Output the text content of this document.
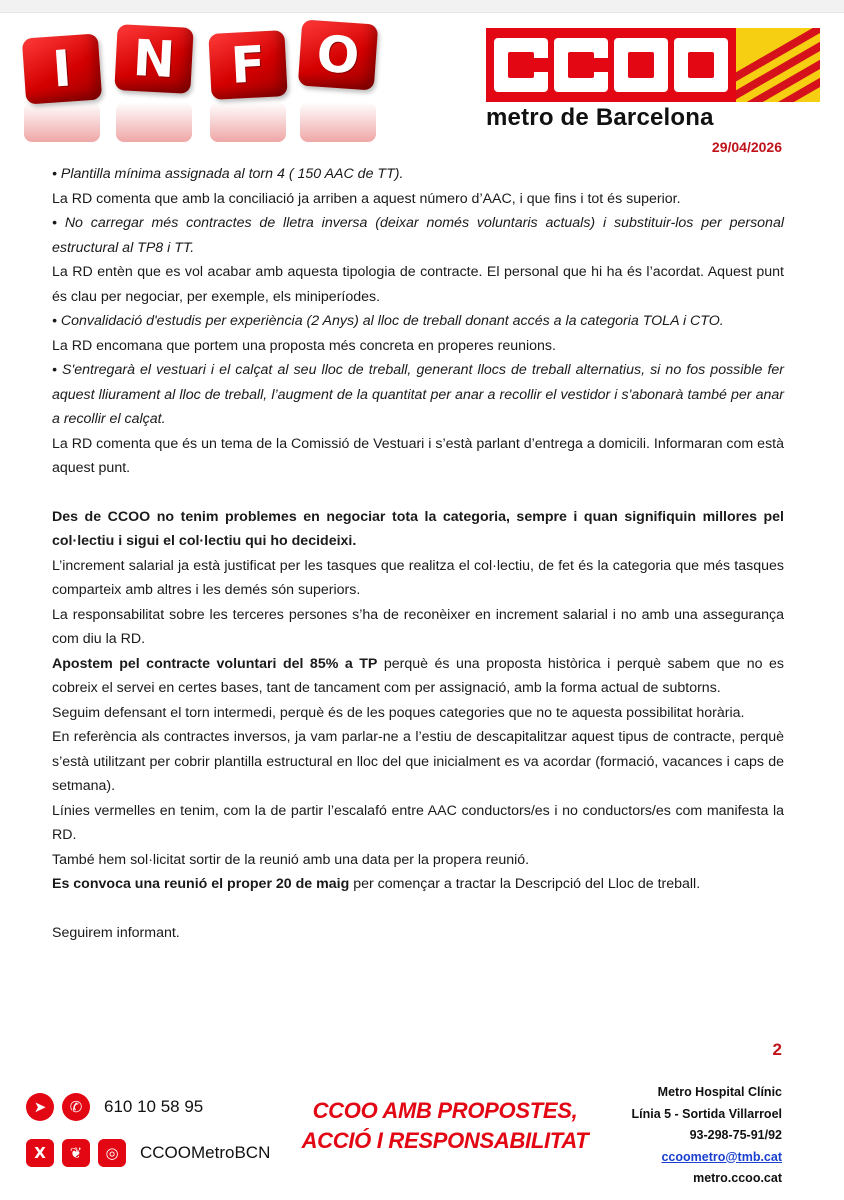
I N F O
metro de Barcelona
29/04/2026

• Plantilla mínima assignada al torn 4 ( 150 AAC de TT).

La RD comenta que amb la conciliació ja arriben a aquest número d’AAC, i que fins i tot és superior.

• No carregar més contractes de lletra inversa (deixar només voluntaris actuals) i substituir-los per personal estructural al TP8 i TT.

La RD entèn que es vol acabar amb aquesta tipologia de contracte. El personal que hi ha és l’acordat. Aquest punt és clau per negociar, per exemple, els miniperíodes.

• Convalidació d'estudis per experiència (2 Anys) al lloc de treball donant accés a la categoria TOLA i CTO.

La RD encomana que portem una proposta més concreta en properes reunions.

• S'entregarà el vestuari i el calçat al seu lloc de treball, generant llocs de treball alternatius, si no fos possible fer aquest lliurament al lloc de treball, l’augment de la quantitat per anar a recollir el vestidor i s'abonarà també per anar a recollir el calçat.

La RD comenta que és un tema de la Comissió de Vestuari i s’està parlant d’entrega a domicili. Informaran com està aquest punt.

Des de CCOO no tenim problemes en negociar tota la categoria, sempre i quan signifiquin millores pel col·lectiu i sigui el col·lectiu qui ho decideixi.

L’increment salarial ja està justificat per les tasques que realitza el col·lectiu, de fet és la categoria que més tasques comparteix amb altres i les demés són superiors.

La responsabilitat sobre les terceres persones s’ha de reconèixer en increment salarial i no amb una assegurança com diu la RD.

Apostem pel contracte voluntari del 85% a TP perquè és una proposta històrica i perquè sabem que no es cobreix el servei en certes bases, tant de tancament com per assignació, amb la forma actual de subtorns.

Seguim defensant el torn intermedi, perquè és de les poques categories que no te aquesta possibilitat horària.

En referència als contractes inversos, ja vam parlar-ne a l’estiu de descapitalitzar aquest tipus de contracte, perquè s’està utilitzant per cobrir plantilla estructural en lloc del que inicialment es va acordar (formació, vacances i caps de setmana).

Línies vermelles en tenim, com la de partir l’escalafó entre AAC conductors/es i no conductors/es com manifesta la RD.

També hem sol·licitat sortir de la reunió amb una data per la propera reunió.

Es convoca una reunió el proper 20 de maig per començar a tractar la Descripció del Lloc de treball.

Seguirem informant.

2
➤	✆	610 10 58 95
X	❦	◎	CCOOMetroBCN
CCOO AMB PROPOSTES,
ACCIÓ I RESPONSABILITAT
Metro Hospital Clínic
Línia 5 - Sortida Villarroel
93-298-75-91/92
ccoometro@tmb.cat
metro.ccoo.cat
